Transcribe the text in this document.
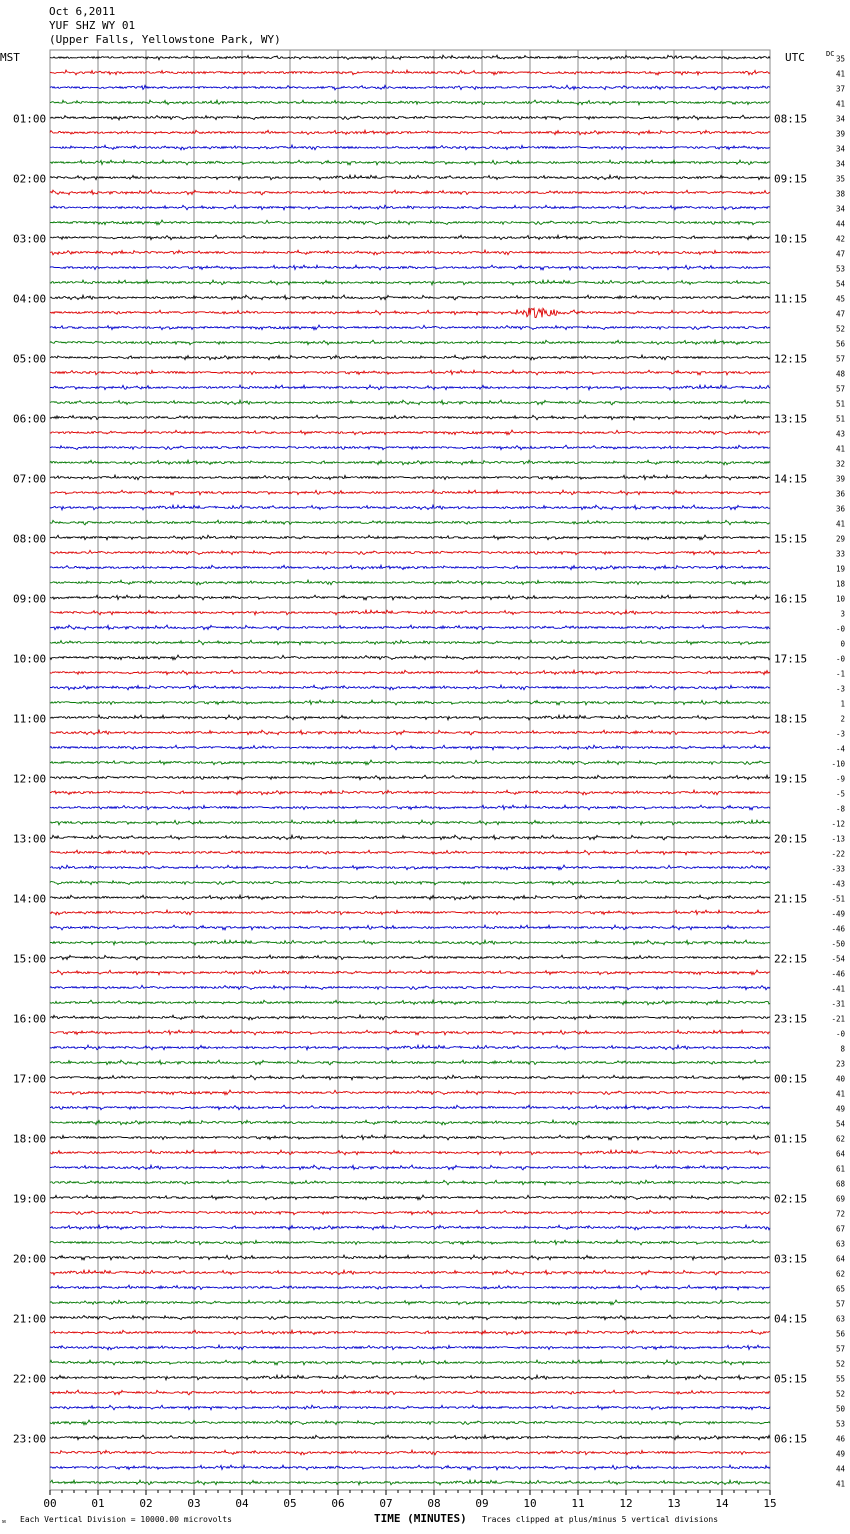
Oct 6,2011
YUF SHZ WY 01
(Upper Falls, Yellowstone Park, WY)
MST	UTC	DC
00	01	02	03	04	05	06	07	08	09	10	11	12	13	14	15
35
41
37
41
34
39
34
34
35
38
34
44
42
47
53
54
45
47
52
56
57
48
57
51
51
43
41
32
39
36
36
41
29
33
19
18
10
3
-0
0
-0
-1
-3
1
2
-3
-4
-10
-9
-5
-8
-12
-13
-22
-33
-43
-51
-49
-46
-50
-54
-46
-41
-31
-21
-0
8
23
40
41
49
54
62
64
61
68
69
72
67
63
64
62
65
57
63
56
57
52
55
52
50
53
46
49
44
41
01:00
02:00
03:00
04:00
05:00
06:00
07:00
08:00
09:00
10:00
11:00
12:00
13:00
14:00
15:00
16:00
17:00
18:00
19:00
20:00
21:00
22:00
23:00
08:15
09:15
10:15
11:15
12:15
13:15
14:15
15:15
16:15
17:15
18:15
19:15
20:15
21:15
22:15
23:15
00:15
01:15
02:15
03:15
04:15
05:15
06:15
Each Vertical Division = 10000.00 microvolts	TIME (MINUTES) Traces clipped at plus/minus 5 vertical divisions
ᴍ
